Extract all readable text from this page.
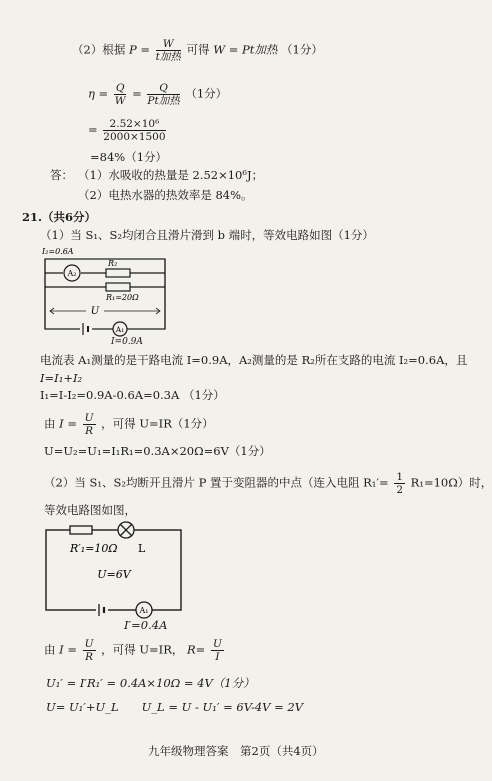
（2）根据 $P = \frac{W}{\text{t加热}}$ 可得 W = Pt加热 （1分）
$\eta = \frac{Q}{W} = \frac{Q}{\text{Pt加热}} (1$分）
= $\frac{\text{2.52×10⁶}}{2000\times 1500}$
=84%（1分）
答： （1）水吸收的热量是 2.52×10⁶J；
（2）电热水器的热效率是 84%。
21.（共6分）
（1）当 S₁、S₂均闭合且滑片滑到 b 端时，等效电路如图（1分）
A₂
R₂
I₂=0.6A
R₁=20Ω
U
A₁
I=0.9A
电流表 A₁测量的是干路电流 I=0.9A，A₂测量的是 R₂所在支路的电流 I₂=0.6A，且
I=I₁+I₂
I₁=I-I₂=0.9A-0.6A=0.3A （1分）
由 $I = \frac{U}{R}$ ，可得 U=IR（1分）
U=U₂=U₁=I₁R₁=0.3A×20Ω=6V（1分）
（2）当 S₁、S₂均断开且滑片 P 置于变阻器的中点（连入电阻 $R_1'= \frac{1}{2} R_1=10\Omega$）时，
等效电路图如图，
R′₁=10Ω L
U=6V
A₁
I′=0.4A
由 $I = \frac{U}{R}$ ，可得 U=IR， $R= \frac{U}{I}$
U₁′ = I′R₁′ = 0.4A×10Ω = 4V（1分）
U= U₁′+U_L　　U_L = U - U₁′ = 6V-4V = 2V
九年级物理答案　第2页（共4页）
